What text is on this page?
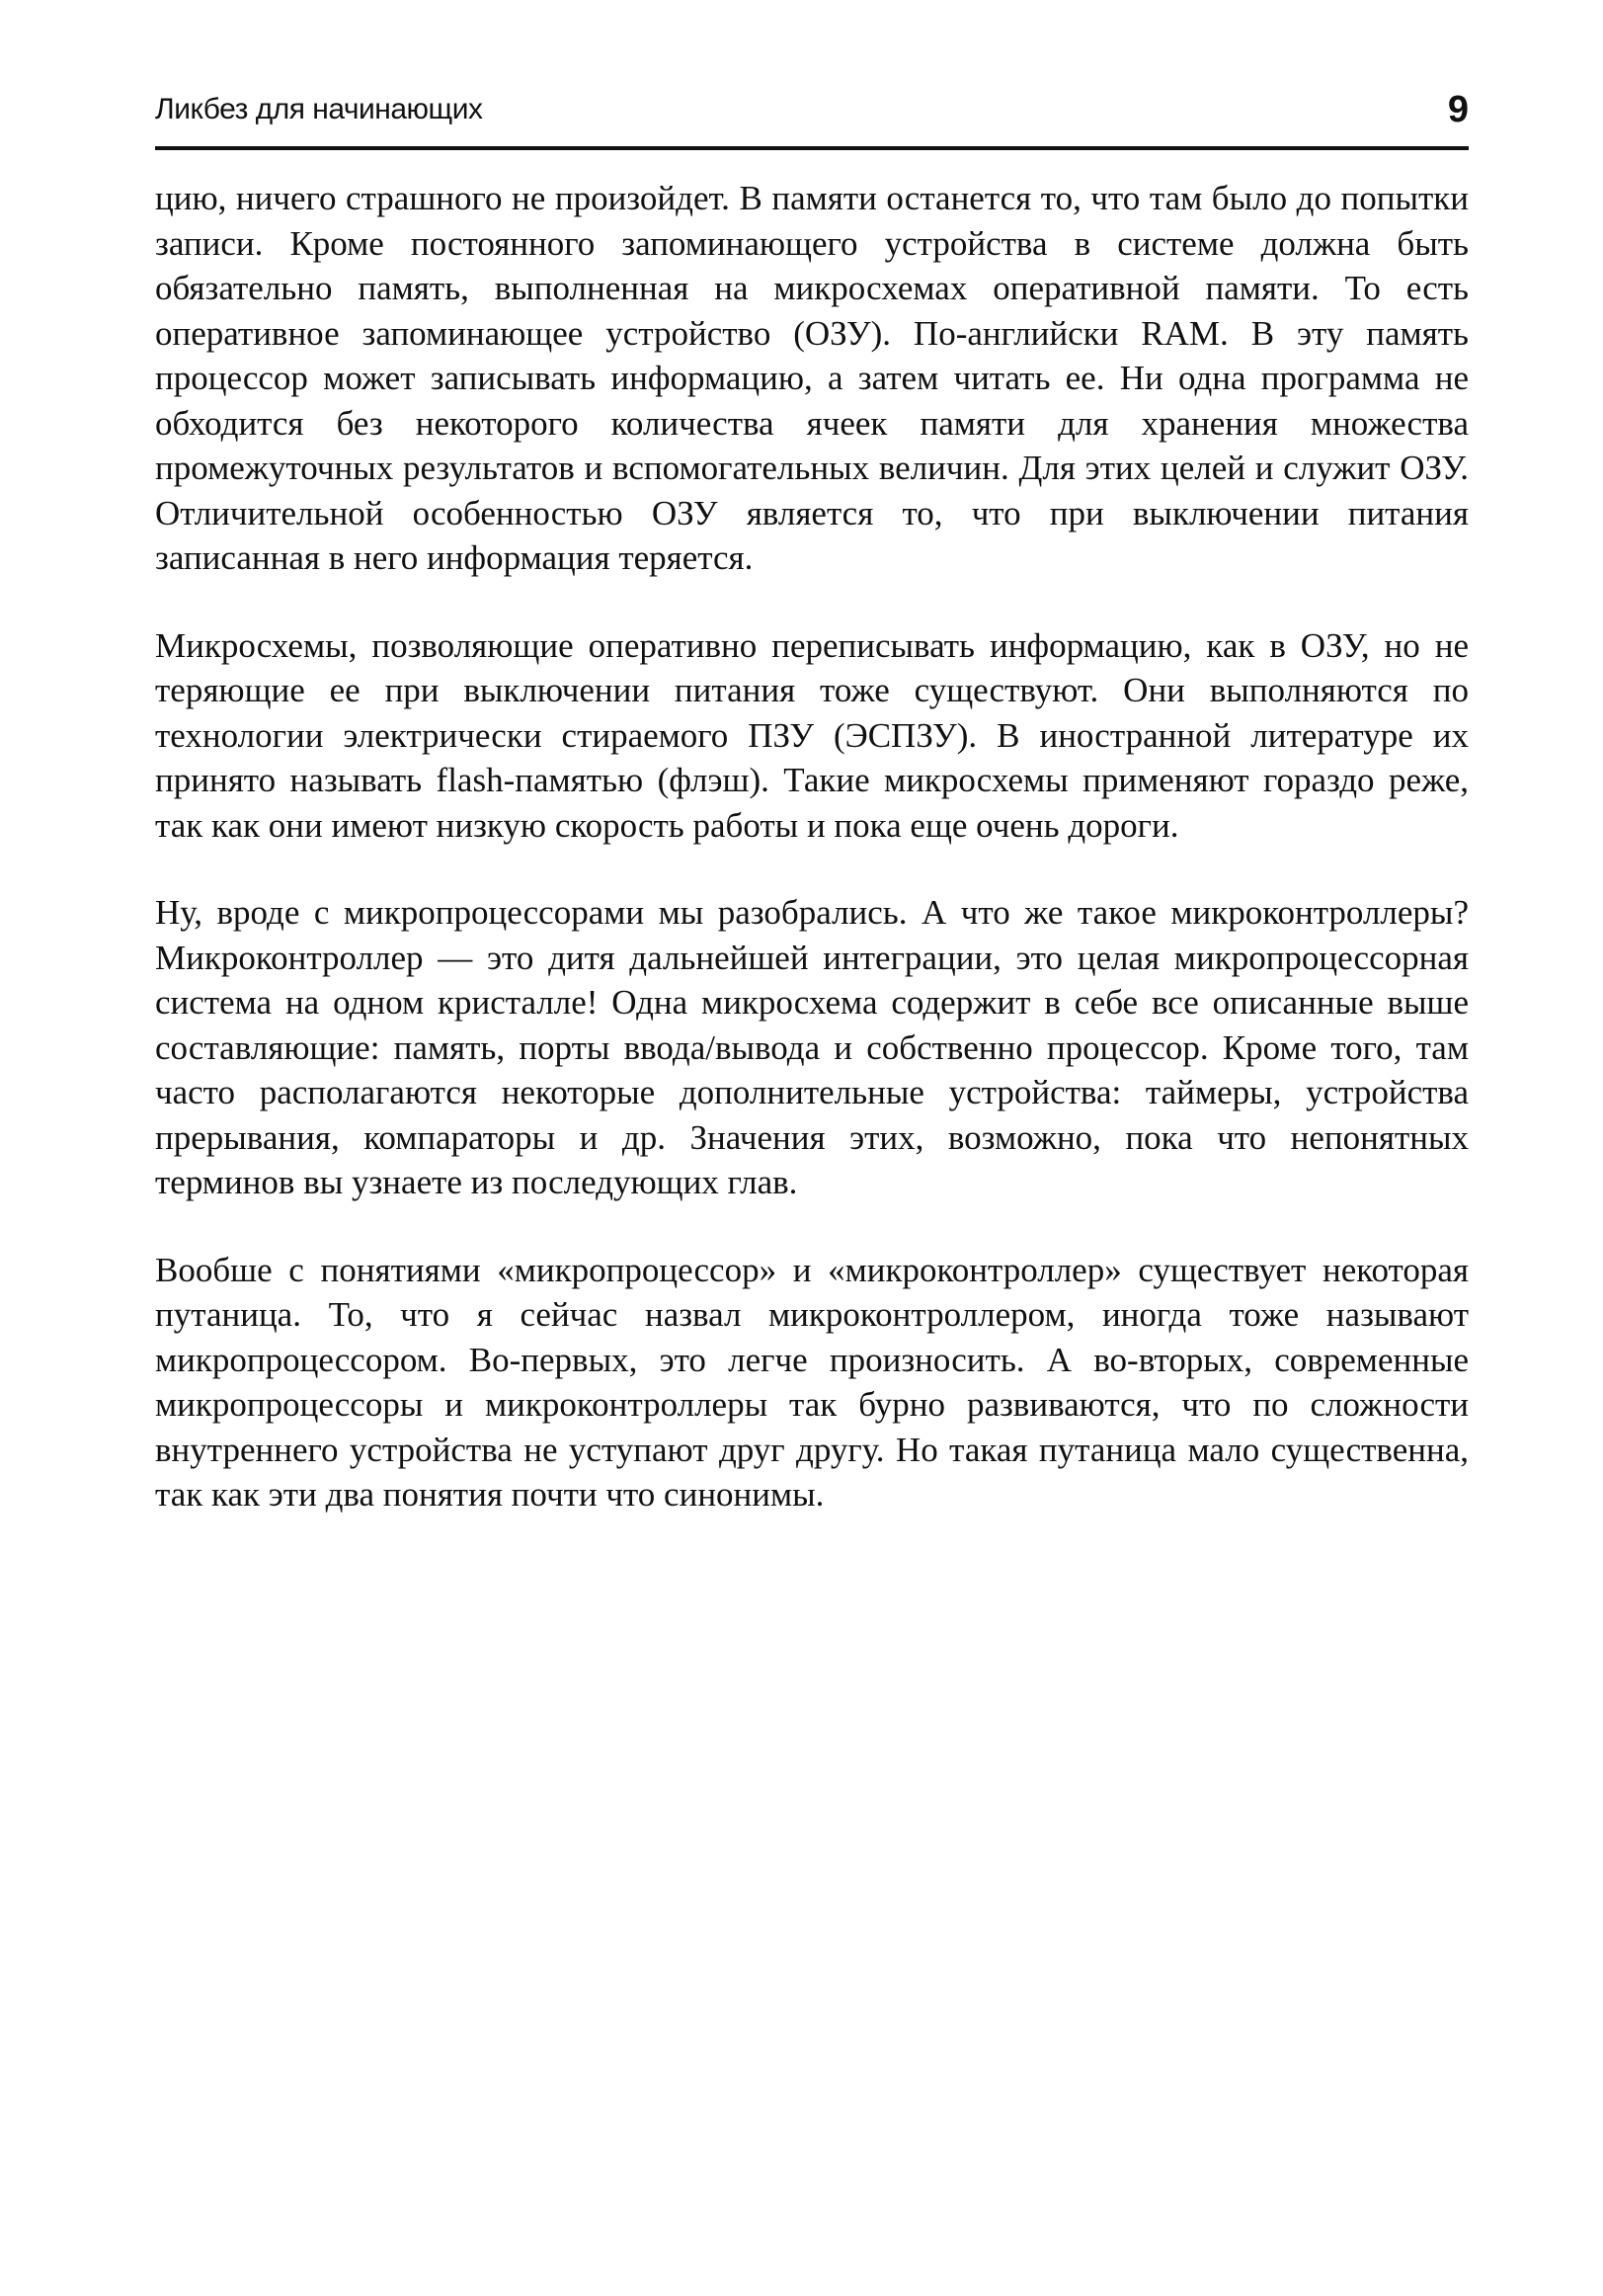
Ликбез для начинающих	9

цию, ничего страшного не произойдет. В памяти останется то, что там было до попытки записи. Кроме постоянного запоминающего устройства в системе должна быть обязательно память, выполненная на микросхемах оперативной памяти. То есть оперативное запоминающее устройство (ОЗУ). По-английски RAM. В эту память процессор может записывать информацию, а затем читать ее. Ни одна программа не обходится без некоторого количества ячеек памяти для хранения множества промежуточных результатов и вспомогательных величин. Для этих целей и служит ОЗУ. Отличительной особенностью ОЗУ является то, что при выключении питания записанная в него информация теряется.

Микросхемы, позволяющие оперативно переписывать информацию, как в ОЗУ, но не теряющие ее при выключении питания тоже существуют. Они выполняются по технологии электрически стираемого ПЗУ (ЭСПЗУ). В иностранной литературе их принято называть flash-памятью (флэш). Такие микросхемы применяют гораздо реже, так как они имеют низкую скорость работы и пока еще очень дороги.

Ну, вроде с микропроцессорами мы разобрались. А что же такое микроконтроллеры? Микроконтроллер — это дитя дальнейшей интеграции, это целая микропроцессорная система на одном кристалле! Одна микросхема содержит в себе все описанные выше составляющие: память, порты ввода/вывода и собственно процессор. Кроме того, там часто располагаются некоторые дополнительные устройства: таймеры, устройства прерывания, компараторы и др. Значения этих, возможно, пока что непонятных терминов вы узнаете из последующих глав.

Вообше с понятиями «микропроцессор» и «микроконтроллер» существует некоторая путаница. То, что я сейчас назвал микроконтроллером, иногда тоже называют микропроцессором. Во-первых, это легче произносить. А во-вторых, современные микропроцессоры и микроконтроллеры так бурно развиваются, что по сложности внутреннего устройства не уступают друг другу. Но такая путаница мало существенна, так как эти два понятия почти что синонимы.
